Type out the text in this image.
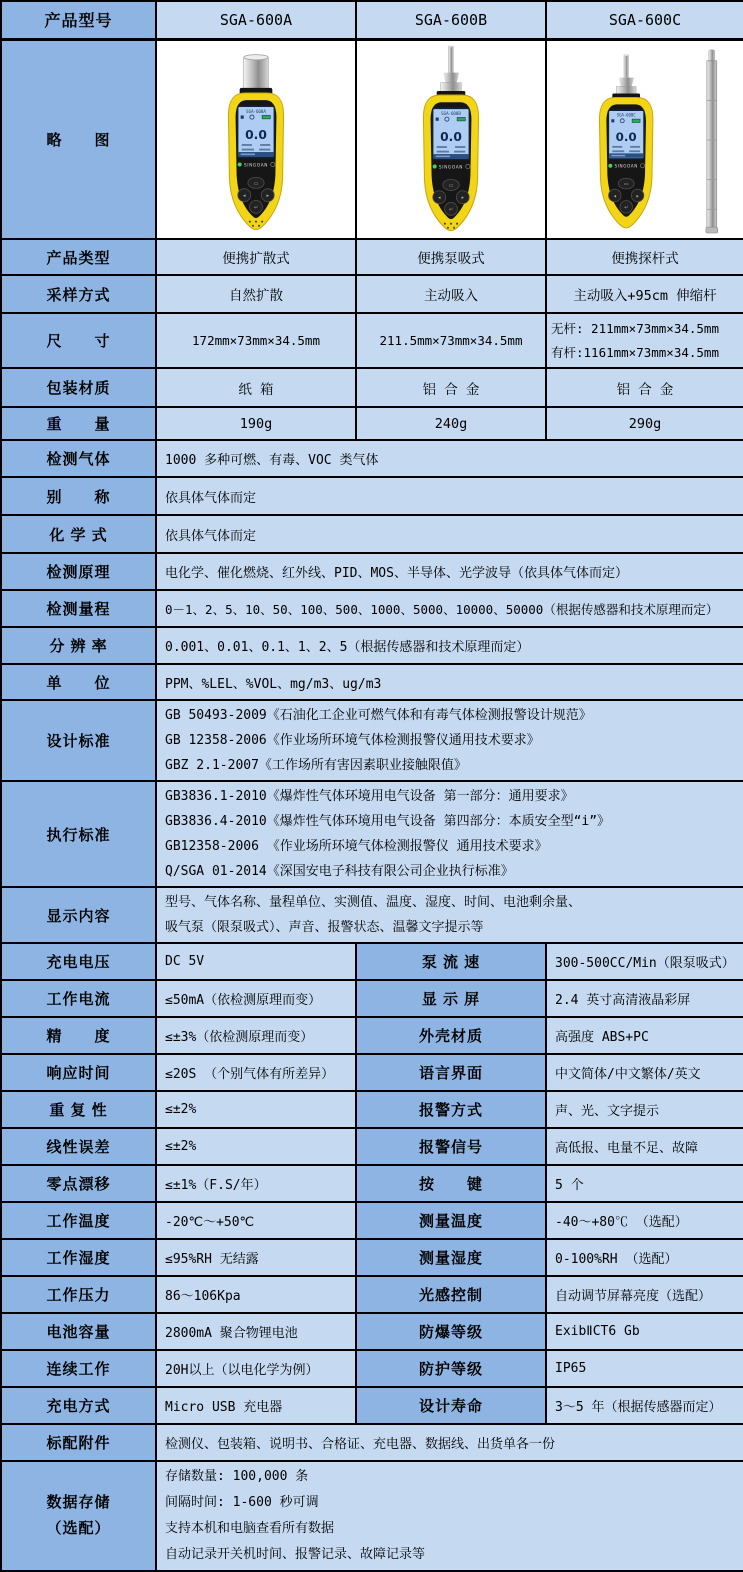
产品型号	SGA-600A	SGA-600B	SGA-600C
略　　图	
SGA-600A
0.0
SINGOAN
▭
◂	▸
↵

SGA-600B
0.0
SINGOAN
▭
◂	▸
↵

SGA-600C
0.0
SINGOAN
▭
◂	▸
↵

产品类型	便携扩散式	便携泵吸式	便携探杆式
采样方式	自然扩散	主动吸入	主动吸入+95cm 伸缩杆
尺　　寸	172mm×73mm×34.5mm	211.5mm×73mm×34.5mm	无杆: 211mm×73mm×34.5mm
有杆:1161mm×73mm×34.5mm

包装材质	纸 箱	铝 合 金	铝 合 金
重　　量	190g	240g	290g
检测气体	1000 多种可燃、有毒、VOC 类气体		
别　　称	依具体气体而定		
化 学 式	依具体气体而定		
检测原理	电化学、催化燃烧、红外线、PID、MOS、半导体、光学波导（依具体气体而定）		
检测量程	0－1、2、5、10、50、100、500、1000、5000、10000、50000（根据传感器和技术原理而定）		
分 辨 率	0.001、0.01、0.1、1、2、5（根据传感器和技术原理而定）		
单　　位	PPM、%LEL、%VOL、mg/m3、ug/m3		
设计标准	GB 50493-2009《石油化工企业可燃气体和有毒气体检测报警设计规范》
GB 12358-2006《作业场所环境气体检测报警仪通用技术要求》
GBZ 2.1-2007《工作场所有害因素职业接触限值》		

执行标准	GB3836.1-2010《爆炸性气体环境用电气设备 第一部分：通用要求》
GB3836.4-2010《爆炸性气体环境用电气设备 第四部分：本质安全型“i”》
GB12358-2006 《作业场所环境气体检测报警仪 通用技术要求》
Q/SGA 01-2014《深国安电子科技有限公司企业执行标准》		

显示内容	型号、气体名称、量程单位、实测值、温度、湿度、时间、电池剩余量、
吸气泵（限泵吸式）、声音、报警状态、温馨文字提示等		

充电电压	DC 5V	泵 流 速	300-500CC/Min（限泵吸式）
工作电流	≤50mA（依检测原理而变）	显 示 屏	2.4 英寸高清液晶彩屏
精　　度	≤±3%（依检测原理而变）	外壳材质	高强度 ABS+PC
响应时间	≤20S （个别气体有所差异）	语言界面	中文简体/中文繁体/英文
重 复 性	≤±2%	报警方式	声、光、文字提示
线性误差	≤±2%	报警信号	高低报、电量不足、故障
零点漂移	≤±1%（F.S/年）	按　　键	5 个
工作温度	-20℃～+50℃	测量温度	-40～+80℃ （选配）
工作湿度	≤95%RH 无结露	测量湿度	0-100%RH （选配）
工作压力	86～106Kpa	光感控制	自动调节屏幕亮度（选配）
电池容量	2800mA 聚合物锂电池	防爆等级	ExibⅡCT6 Gb
连续工作	20H以上（以电化学为例）	防护等级	IP65
充电方式	Micro USB 充电器	设计寿命	3～5 年（根据传感器而定）
标配附件	检测仪、包装箱、说明书、合格证、充电器、数据线、出货单各一份		

数据存储
（选配）

存储数量: 100,000 条
间隔时间: 1-600 秒可调
支持本机和电脑查看所有数据
自动记录开关机时间、报警记录、故障记录等
